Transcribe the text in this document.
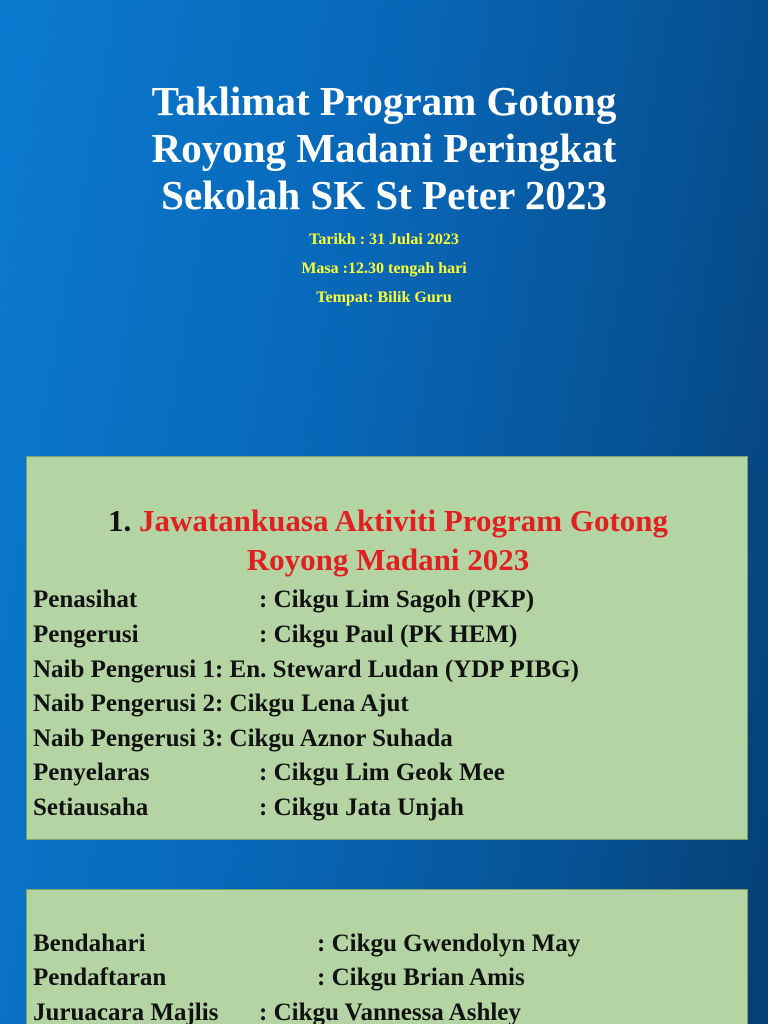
Taklimat Program Gotong
Royong Madani Peringkat
Sekolah SK St Peter 2023
Tarikh : 31 Julai 2023
Masa :12.30 tengah hari
Tempat: Bilik Guru
1. Jawatankuasa Aktiviti Program Gotong
Royong Madani 2023
Penasihat	: Cikgu Lim Sagoh (PKP)
Pengerusi	: Cikgu Paul (PK HEM)
Naib Pengerusi 1: En. Steward Ludan (YDP PIBG)
Naib Pengerusi 2: Cikgu Lena Ajut
Naib Pengerusi 3: Cikgu Aznor Suhada
Penyelaras	: Cikgu Lim Geok Mee
Setiausaha	: Cikgu Jata Unjah
Bendahari	: Cikgu Gwendolyn May
Pendaftaran	: Cikgu Brian Amis
Juruacara Majlis : Cikgu Vannessa Ashley
